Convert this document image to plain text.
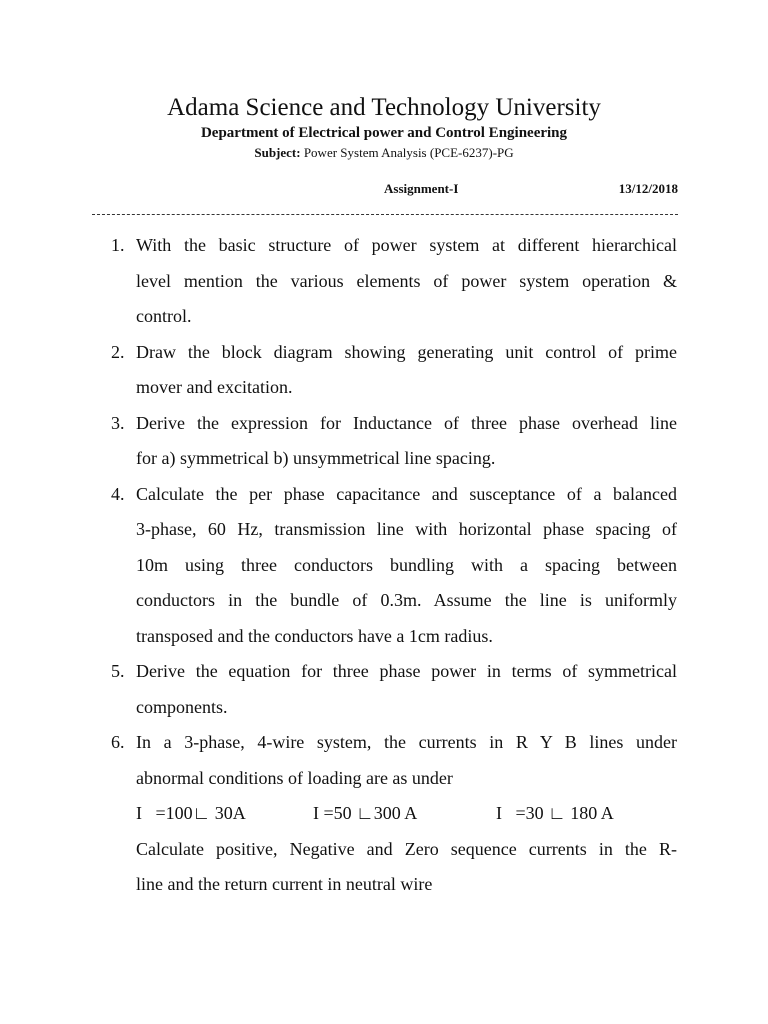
Adama Science and Technology University
Department of Electrical power and Control Engineering
Subject: Power System Analysis (PCE-6237)-PG
Assignment-I	13/12/2018
1. With the basic structure of power system at different hierarchical
level mention the various elements of power system operation &
control.
2. Draw the block diagram showing generating unit control of prime
mover and excitation.
3. Derive the expression for Inductance of three phase overhead line
for a) symmetrical b) unsymmetrical line spacing.
4. Calculate the per phase capacitance and susceptance of a balanced
3-phase, 60 Hz, transmission line with horizontal phase spacing of
10m using three conductors bundling with a spacing between
conductors in the bundle of 0.3m. Assume the line is uniformly
transposed and the conductors have a 1cm radius.
5. Derive the equation for three phase power in terms of symmetrical
components.
6. In a 3-phase, 4-wire system, the currents in R Y B lines under
abnormal conditions of loading are as under
I   =100∟ 30A	I =50 ∟300 A	I   =30 ∟ 180 A
Calculate positive, Negative and Zero sequence currents in the R-
line and the return current in neutral wire
